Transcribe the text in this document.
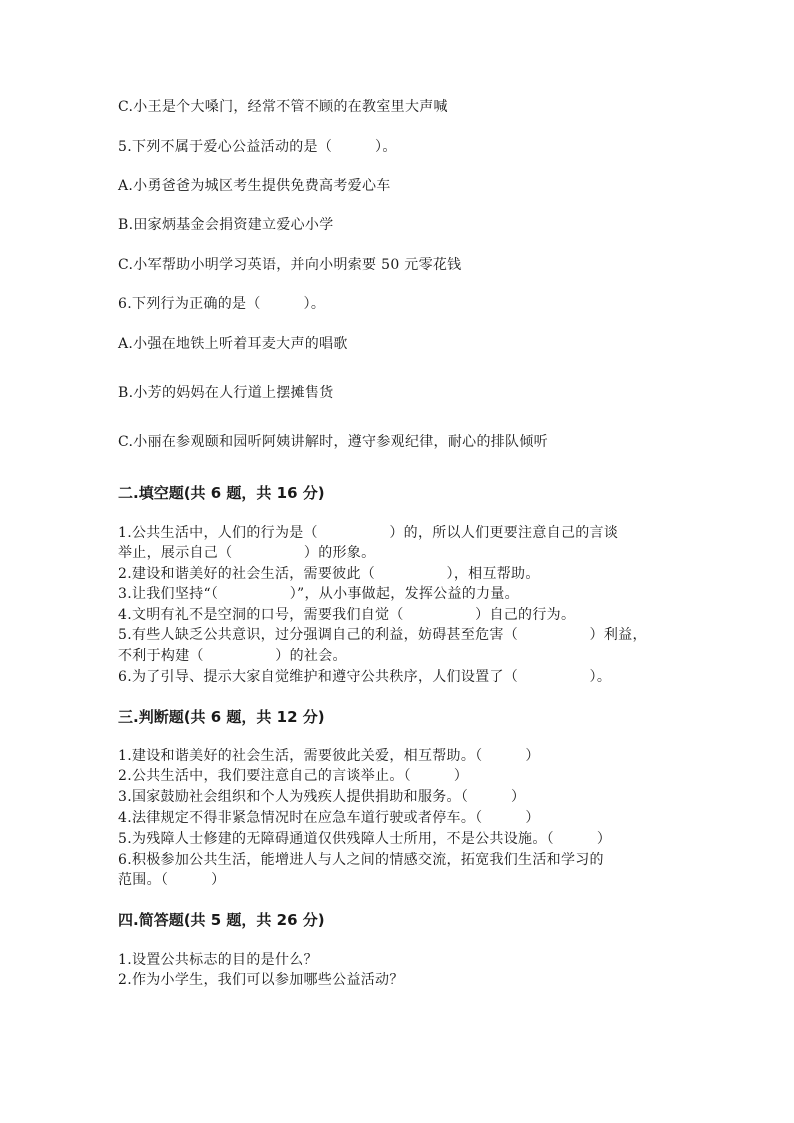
C.小王是个大嗓门，经常不管不顾的在教室里大声喊
5.下列不属于爱心公益活动的是（　　　）。
A.小勇爸爸为城区考生提供免费高考爱心车
B.田家炳基金会捐资建立爱心小学
C.小军帮助小明学习英语，并向小明索要 50 元零花钱
6.下列行为正确的是（　　　）。
A.小强在地铁上听着耳麦大声的唱歌
B.小芳的妈妈在人行道上摆摊售货
C.小丽在参观颐和园听阿姨讲解时，遵守参观纪律，耐心的排队倾听
二.填空题(共 6 题，共 16 分)
1.公共生活中，人们的行为是（　　　　　）的，所以人们更要注意自己的言谈
举止，展示自己（　　　　　）的形象。
2.建设和谐美好的社会生活，需要彼此（　　　　　），相互帮助。
3.让我们坚持“（　　　　　）”，从小事做起，发挥公益的力量。
4.文明有礼不是空洞的口号，需要我们自觉（　　　　　）自己的行为。
5.有些人缺乏公共意识，过分强调自己的利益，妨碍甚至危害（　　　　　）利益，
不利于构建（　　　　　）的社会。
6.为了引导、提示大家自觉维护和遵守公共秩序，人们设置了（　　　　　）。
三.判断题(共 6 题，共 12 分)
1.建设和谐美好的社会生活，需要彼此关爱，相互帮助。（　　　）
2.公共生活中，我们要注意自己的言谈举止。（　　　）
3.国家鼓励社会组织和个人为残疾人提供捐助和服务。（　　　）
4.法律规定不得非紧急情况时在应急车道行驶或者停车。（　　　）
5.为残障人士修建的无障碍通道仅供残障人士所用，不是公共设施。（　　　）
6.积极参加公共生活，能增进人与人之间的情感交流，拓宽我们生活和学习的
范围。（　　　）
四.简答题(共 5 题，共 26 分)
1.设置公共标志的目的是什么？
2.作为小学生，我们可以参加哪些公益活动？
